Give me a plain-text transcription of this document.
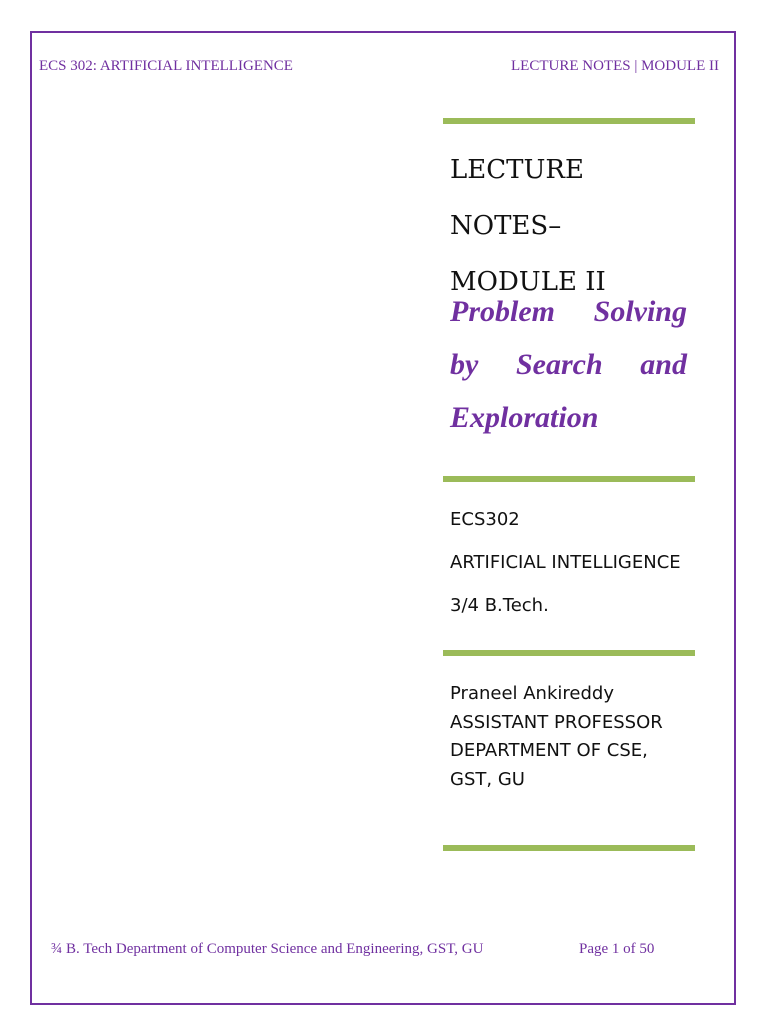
ECS 302: ARTIFICIAL INTELLIGENCE	LECTURE NOTES | MODULE II
LECTURE NOTES–
MODULE II
Problem Solving by Search and Exploration
ECS302
ARTIFICIAL INTELLIGENCE
3/4 B.Tech.
Praneel Ankireddy
ASSISTANT PROFESSOR
DEPARTMENT OF CSE,
GST, GU
¾ B. Tech Department of Computer Science and Engineering, GST, GU	Page 1 of 50
